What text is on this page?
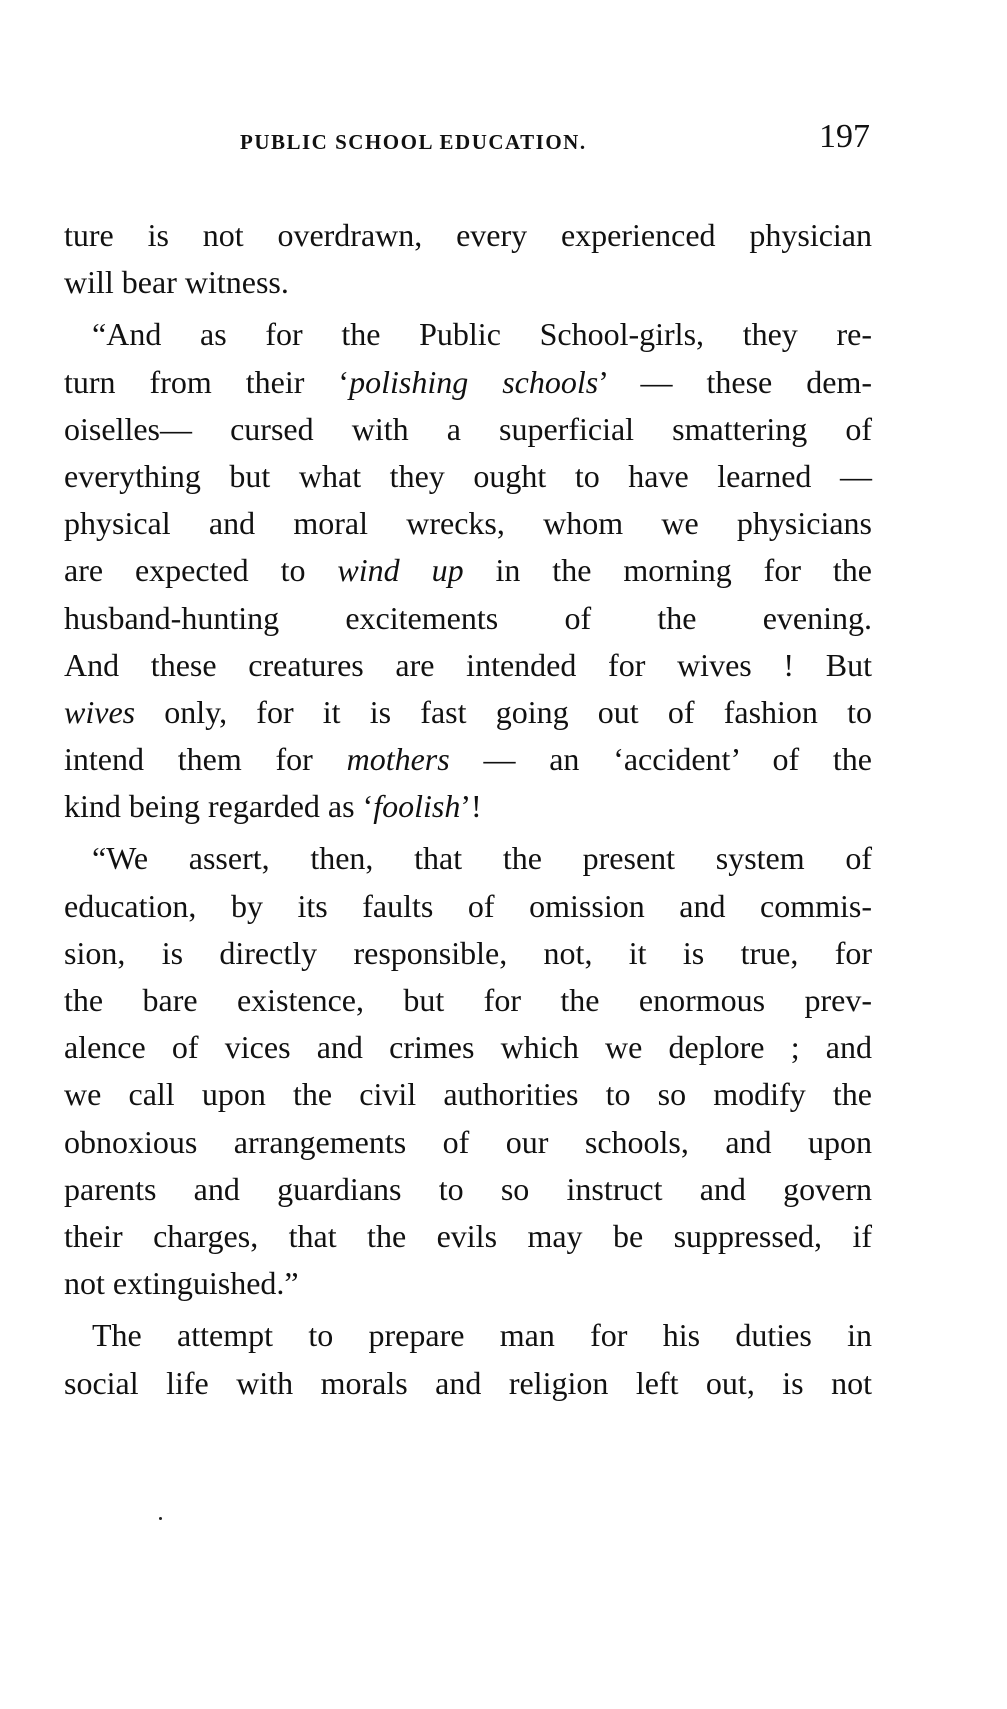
PUBLIC SCHOOL EDUCATION.	197
ture is not overdrawn, every experienced physician
will bear witness.
“And as for the Public School-girls, they re-
turn from their ‘polishing schools’ — these dem-
oiselles— cursed with a superficial smattering of
everything but what they ought to have learned —
physical and moral wrecks, whom we physicians
are expected to wind up in the morning for the
husband-hunting excitements of the evening.
And these creatures are intended for wives ! But
wives only, for it is fast going out of fashion to
intend them for mothers — an ‘accident’ of the
kind being regarded as ‘foolish’!
“We assert, then, that the present system of
education, by its faults of omission and commis-
sion, is directly responsible, not, it is true, for
the bare existence, but for the enormous prev-
alence of vices and crimes which we deplore ; and
we call upon the civil authorities to so modify the
obnoxious arrangements of our schools, and upon
parents and guardians to so instruct and govern
their charges, that the evils may be suppressed, if
not extinguished.”
The attempt to prepare man for his duties in
social life with morals and religion left out, is not
